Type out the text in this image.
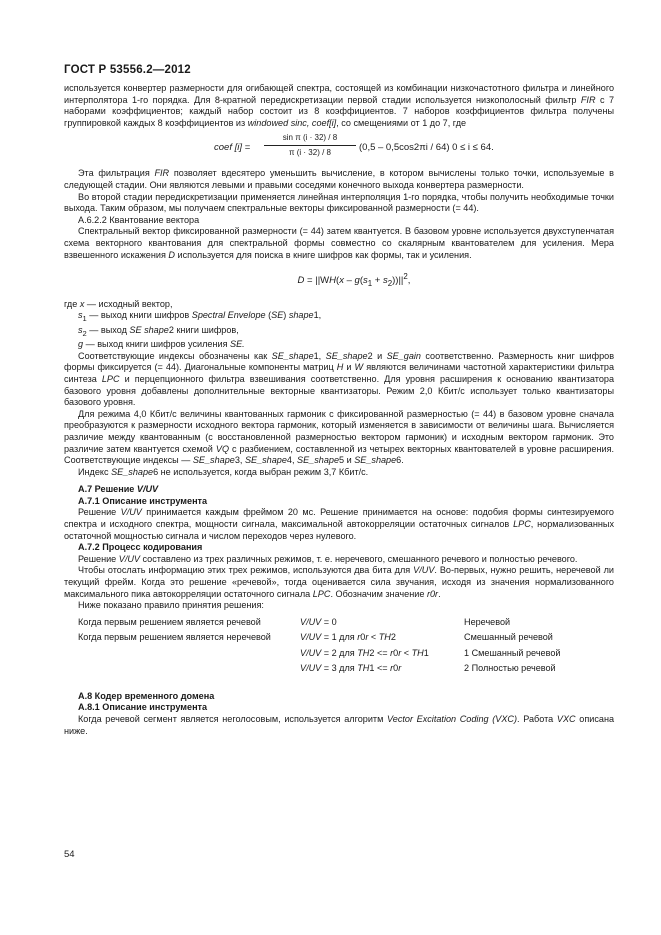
ГОСТ Р 53556.2—2012

используется конвертер размерности для огибающей спектра, состоящей из комбинации низкочастотного фильтра и линейного интерполятора 1-го порядка. Для 8-кратной передискретизации первой стадии используется низкополосный фильтр FIR с 7 наборами коэффициентов; каждый набор состоит из 8 коэффициентов. 7 наборов коэффициентов фильтра получены группировкой каждых 8 коэффициентов из windowed sinc, coef[i], со смещениями от 1 до 7, где

coef $[i] = \frac{\text{sin π (i · 32) / 8}}{\pi (i \cdot 32) / 8} (0,5 - 0,5\cos 2\pi i / 64) 0 \le i \le 64$.

Эта фильтрация FIR позволяет вдесятеро уменьшить вычисление, в котором вычислены только точки, используемые в следующей стадии. Они являются левыми и правыми соседями конечного выхода конвертера размерности.

Во второй стадии передискретизации применяется линейная интерполяция 1-го порядка, чтобы получить необходимые точки выхода. Таким образом, мы получаем спектральные векторы фиксированной размерности (= 44).

А.6.2.2 Квантование вектора

Спектральный вектор фиксированной размерности (= 44) затем квантуется. В базовом уровне используется двухступенчатая схема векторного квантования для спектральной формы совместно со скалярным квантователем для усиления. Мера взвешенного искажения D используется для поиска в книге шифров как формы, так и усиления.

$D = ||WH(x - g(s_1 + s_2))||^2$,

где x — исходный вектор,

$s_1$ — выход книги шифров Spectral Envelope (SE) shape1,

$s_2$ — выход SE shape2 книги шифров,

g — выход книги шифров усиления SE.

Соответствующие индексы обозначены как SE_shape1, SE_shape2 и SE_gain соответственно. Размерность книг шифров формы фиксируется (= 44). Диагональные компоненты матриц H и W являются величинами частотной характеристики фильтра синтеза LPC и перцепционного фильтра взвешивания соответственно. Для уровня расширения к основанию квантизатора базового уровня добавлены дополнительные векторные квантизаторы. Режим 2,0 Кбит/с использует только квантизаторы базового уровня.

Для режима 4,0 Кбит/с величины квантованных гармоник с фиксированной размерностью (= 44) в базовом уровне сначала преобразуются к размерности исходного вектора гармоник, который изменяется в зависимости от величины шага. Вычисляется различие между квантованным (с восстановленной размерностью вектором гармоник) и исходным вектором гармоник. Это различие затем квантуется схемой VQ с разбиением, составленной из четырех векторных квантователей в уровне расширения. Соответствующие индексы — SE_shape3, SE_shape4, SE_shape5 и SE_shape6.

Индекс SE_shape6 не используется, когда выбран режим 3,7 Кбит/с.

А.7 Решение V/UV

А.7.1 Описание инструмента

Решение V/UV принимается каждым фреймом 20 мс. Решение принимается на основе: подобия формы синтезируемого спектра и исходного спектра, мощности сигнала, максимальной автокорреляции остаточных сигналов LPC, нормализованных остаточной мощностью сигнала и числом переходов через нулевого.

А.7.2 Процесс кодирования

Решение V/UV составлено из трех различных режимов, т. е. неречевого, смешанного речевого и полностью речевого.

Чтобы отослать информацию этих трех режимов, используются два бита для V/UV. Во-первых, нужно решить, неречевой ли текущий фрейм. Когда это решение «речевой», тогда оценивается сила звучания, исходя из значения нормализованного максимального пика автокорреляции остаточного сигнала LPC. Обозначим значение r0r.

Ниже показано правило принятия решения:

Когда первым решением является речевой	V/UV = 0	Неречевой
Когда первым решением является неречевой	V/UV = 1 для r0r < TH2	Смешанный речевой
	V/UV = 2 для TH2 <= r0r < TH1	1 Смешанный речевой
	V/UV = 3 для TH1 <= r0r	2 Полностью речевой

А.8 Кодер временного домена

А.8.1 Описание инструмента

Когда речевой сегмент является неголосовым, используется алгоритм Vector Excitation Coding (VXC). Работа VXC описана ниже.

54
